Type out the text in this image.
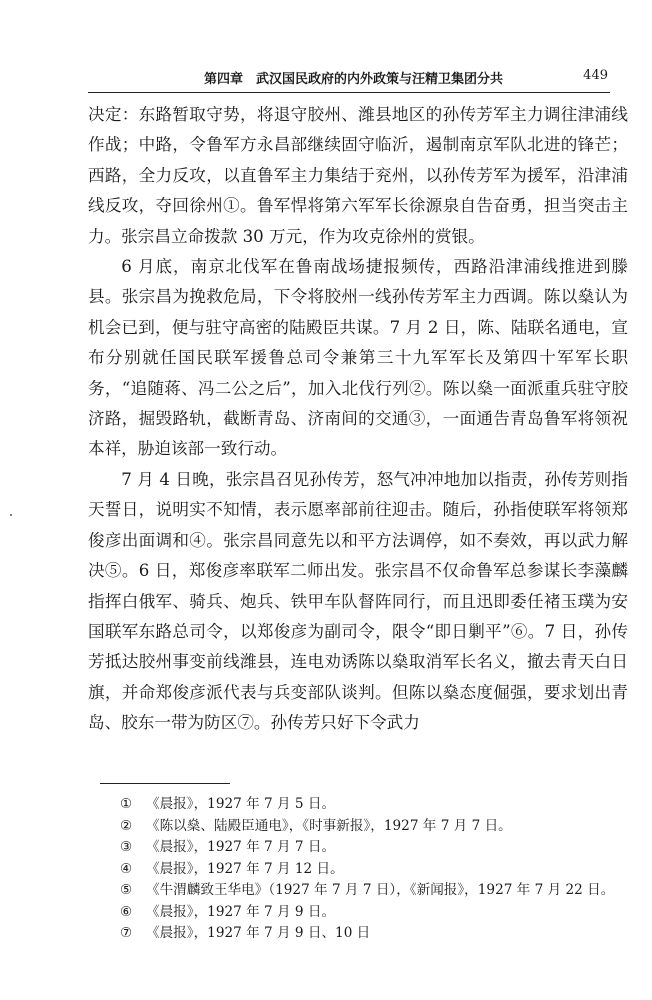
第四章　武汉国民政府的内外政策与汪精卫集团分共	449

决定：东路暂取守势，将退守胶州、潍县地区的孙传芳军主力调往津浦线作战；中路，令鲁军方永昌部继续固守临沂，遏制南京军队北进的锋芒；西路，全力反攻，以直鲁军主力集结于兖州，以孙传芳军为援军，沿津浦线反攻，夺回徐州①。鲁军悍将第六军军长徐源泉自告奋勇，担当突击主力。张宗昌立命拨款 30 万元，作为攻克徐州的赏银。

6 月底，南京北伐军在鲁南战场捷报频传，西路沿津浦线推进到滕县。张宗昌为挽救危局，下令将胶州一线孙传芳军主力西调。陈以燊认为机会已到，便与驻守高密的陆殿臣共谋。7 月 2 日，陈、陆联名通电，宣布分别就任国民联军援鲁总司令兼第三十九军军长及第四十军军长职务，“追随蒋、冯二公之后”，加入北伐行列②。陈以燊一面派重兵驻守胶济路，掘毁路轨，截断青岛、济南间的交通③，一面通告青岛鲁军将领祝本祥，胁迫该部一致行动。

7 月 4 日晚，张宗昌召见孙传芳，怒气冲冲地加以指责，孙传芳则指天誓日，说明实不知情，表示愿率部前往迎击。随后，孙指使联军将领郑俊彦出面调和④。张宗昌同意先以和平方法调停，如不奏效，再以武力解决⑤。6 日，郑俊彦率联军二师出发。张宗昌不仅命鲁军总参谋长李藻麟指挥白俄军、骑兵、炮兵、铁甲车队督阵同行，而且迅即委任褚玉璞为安国联军东路总司令，以郑俊彦为副司令，限令“即日剿平”⑥。7 日，孙传芳抵达胶州事变前线潍县，连电劝诱陈以燊取消军长名义，撤去青天白日旗，并命郑俊彦派代表与兵变部队谈判。但陈以燊态度倔强，要求划出青岛、胶东一带为防区⑦。孙传芳只好下令武力

①	《晨报》，1927 年 7 月 5 日。
②	《陈以燊、陆殿臣通电》，《时事新报》，1927 年 7 月 7 日。
③	《晨报》，1927 年 7 月 7 日。
④	《晨报》，1927 年 7 月 12 日。
⑤	《牛渭麟致王华电》（1927 年 7 月 7 日），《新闻报》，1927 年 7 月 22 日。
⑥	《晨报》，1927 年 7 月 9 日。
⑦	《晨报》，1927 年 7 月 9 日、10 日
